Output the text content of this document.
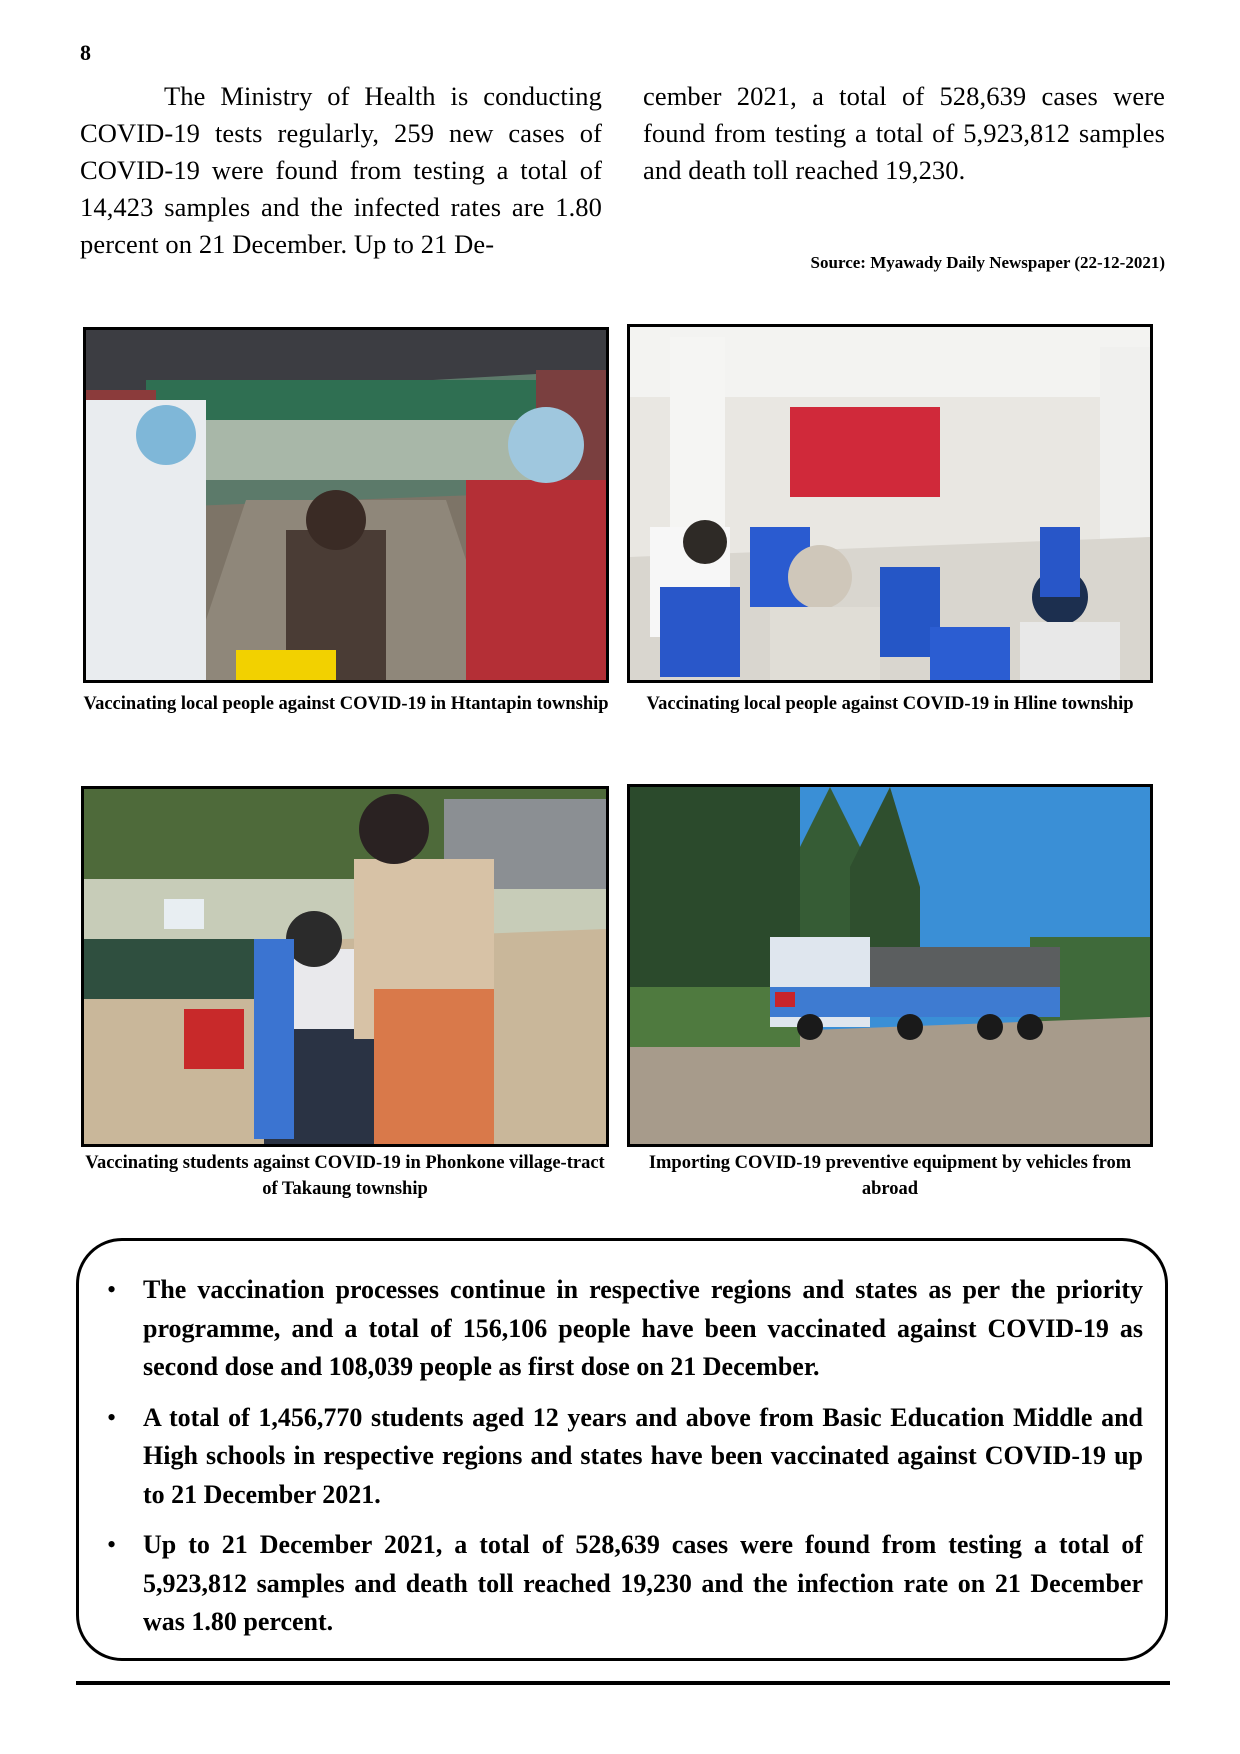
8

The Ministry of Health is conducting COVID-19 tests regularly, 259 new cases of COVID-19 were found from testing a total of 14,423 samples and the infected rates are 1.80 percent on 21 December. Up to 21 De-

cember 2021, a total of 528,639 cases were found from testing a total of 5,923,812 samples and death toll reached 19,230.

Source: Myawady Daily Newspaper (22-12-2021)
Vaccinating local people against COVID-19 in Htantapin township	Vaccinating local people against COVID-19 in Hline township
Vaccinating students against COVID-19 in Phonkone village-tract of Takaung township
Importing COVID-19 preventive equipment by vehicles from abroad
• The vaccination processes continue in respective regions and states as per the priority programme, and a total of 156,106 people have been vaccinated against COVID-19 as second dose and 108,039 people as first dose on 21 December.
• A total of 1,456,770 students aged 12 years and above from Basic Education Middle and High schools in respective regions and states have been vaccinated against COVID-19 up to 21 December 2021.
• Up to 21 December 2021, a total of 528,639 cases were found from testing a total of 5,923,812 samples and death toll reached 19,230 and the infection rate on 21 December was 1.80 percent.
